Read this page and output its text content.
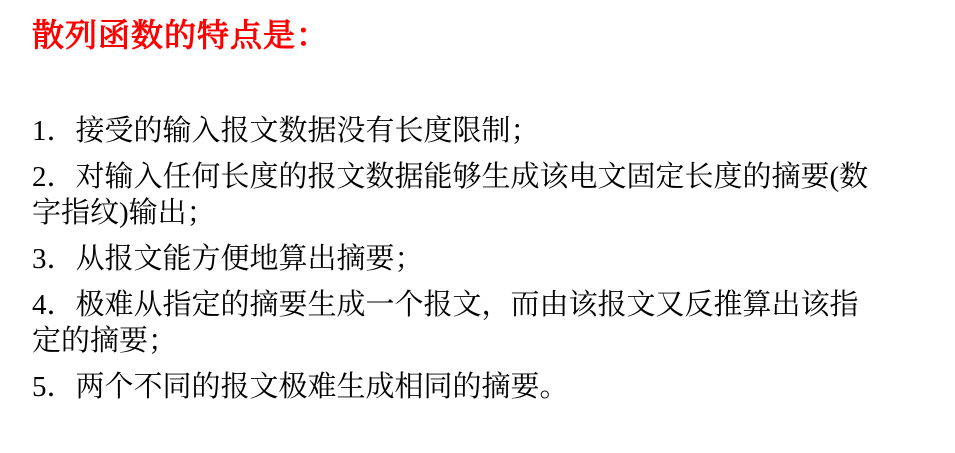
散列函数的特点是：
1．接受的输入报文数据没有长度限制；
2．对输入任何长度的报文数据能够生成该电文固定长度的摘要(数
字指纹)输出；
3．从报文能方便地算出摘要；
4．极难从指定的摘要生成一个报文，而由该报文又反推算出该指
定的摘要；
5．两个不同的报文极难生成相同的摘要。
